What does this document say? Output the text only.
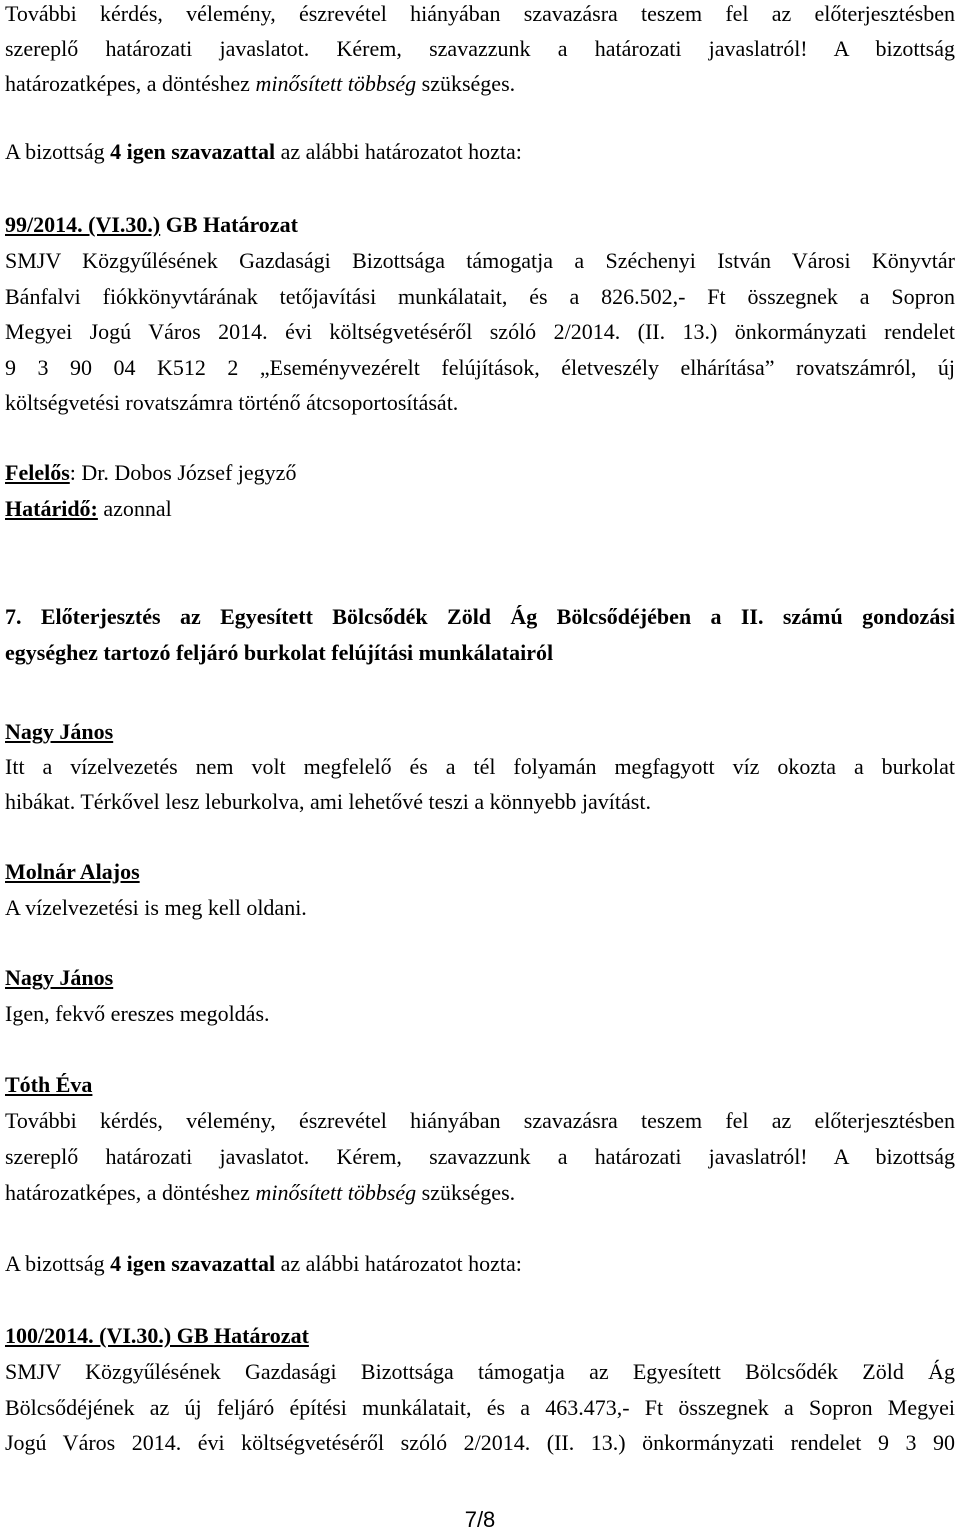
További kérdés, vélemény, észrevétel hiányában szavazásra teszem fel az előterjesztésben
szereplő határozati javaslatot. Kérem, szavazzunk a határozati javaslatról! A bizottság
határozatképes, a döntéshez minősített többség szükséges.
A bizottság 4 igen szavazattal az alábbi határozatot hozta:
99/2014. (VI.30.) GB Határozat
SMJV Közgyűlésének Gazdasági Bizottsága támogatja a Széchenyi István Városi Könyvtár
Bánfalvi fiókkönyvtárának tetőjavítási munkálatait, és a 826.502,- Ft összegnek a Sopron
Megyei Jogú Város 2014. évi költségvetéséről szóló 2/2014. (II. 13.) önkormányzati rendelet
9 3 90 04 K512 2 „Eseményvezérelt felújítások, életveszély elhárítása” rovatszámról, új
költségvetési rovatszámra történő átcsoportosítását.
Felelős: Dr. Dobos József jegyző
Határidő: azonnal
7. Előterjesztés az Egyesített Bölcsődék Zöld Ág Bölcsődéjében a II. számú gondozási
egységhez tartozó feljáró burkolat felújítási munkálatairól
Nagy János
Itt a vízelvezetés nem volt megfelelő és a tél folyamán megfagyott víz okozta a burkolat
hibákat. Térkővel lesz leburkolva, ami lehetővé teszi a könnyebb javítást.
Molnár Alajos
A vízelvezetési is meg kell oldani.
Nagy János
Igen, fekvő ereszes megoldás.
Tóth Éva
További kérdés, vélemény, észrevétel hiányában szavazásra teszem fel az előterjesztésben
szereplő határozati javaslatot. Kérem, szavazzunk a határozati javaslatról! A bizottság
határozatképes, a döntéshez minősített többség szükséges.
A bizottság 4 igen szavazattal az alábbi határozatot hozta:
100/2014. (VI.30.) GB Határozat
SMJV Közgyűlésének Gazdasági Bizottsága támogatja az Egyesített Bölcsődék Zöld Ág
Bölcsődéjének az új feljáró építési munkálatait, és a 463.473,- Ft összegnek a Sopron Megyei
Jogú Város 2014. évi költségvetéséről szóló 2/2014. (II. 13.) önkormányzati rendelet 9 3 90
7/8
